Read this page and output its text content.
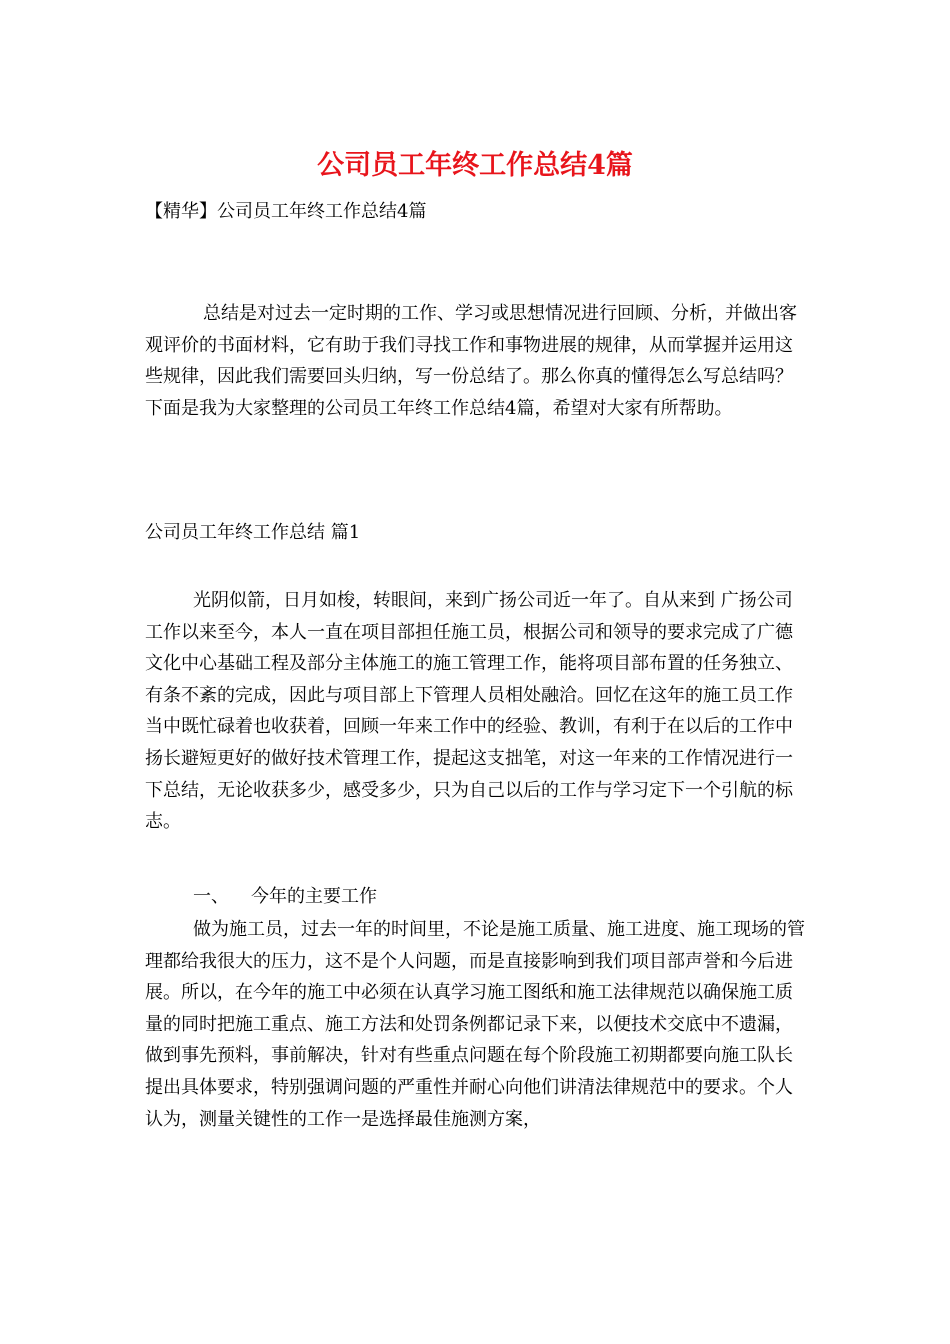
公司员工年终工作总结4篇

【精华】公司员工年终工作总结4篇

总结是对过去一定时期的工作、学习或思想情况进行回顾、分析，并做出客观评价的书面材料，它有助于我们寻找工作和事物进展的规律，从而掌握并运用这些规律，因此我们需要回头归纳，写一份总结了。那么你真的懂得怎么写总结吗？下面是我为大家整理的公司员工年终工作总结4篇，希望对大家有所帮助。

公司员工年终工作总结 篇1

光阴似箭，日月如梭，转眼间，来到广扬公司近一年了。自从来到 广扬公司工作以来至今，本人一直在项目部担任施工员，根据公司和领导的要求完成了广德文化中心基础工程及部分主体施工的施工管理工作，能将项目部布置的任务独立、有条不紊的完成，因此与项目部上下管理人员相处融洽。回忆在这年的施工员工作当中既忙碌着也收获着，回顾一年来工作中的经验、教训，有利于在以后的工作中扬长避短更好的做好技术管理工作，提起这支拙笔，对这一年来的工作情况进行一下总结，无论收获多少，感受多少，只为自己以后的工作与学习定下一个引航的标志。

一、 今年的主要工作

做为施工员，过去一年的时间里，不论是施工质量、施工进度、施工现场的管理都给我很大的压力，这不是个人问题，而是直接影响到我们项目部声誉和今后进展。所以，在今年的施工中必须在认真学习施工图纸和施工法律规范以确保施工质量的同时把施工重点、施工方法和处罚条例都记录下来，以便技术交底中不遗漏，做到事先预料，事前解决，针对有些重点问题在每个阶段施工初期都要向施工队长提出具体要求，特别强调问题的严重性并耐心向他们讲清法律规范中的要求。个人认为，测量关键性的工作一是选择最佳施测方案，
